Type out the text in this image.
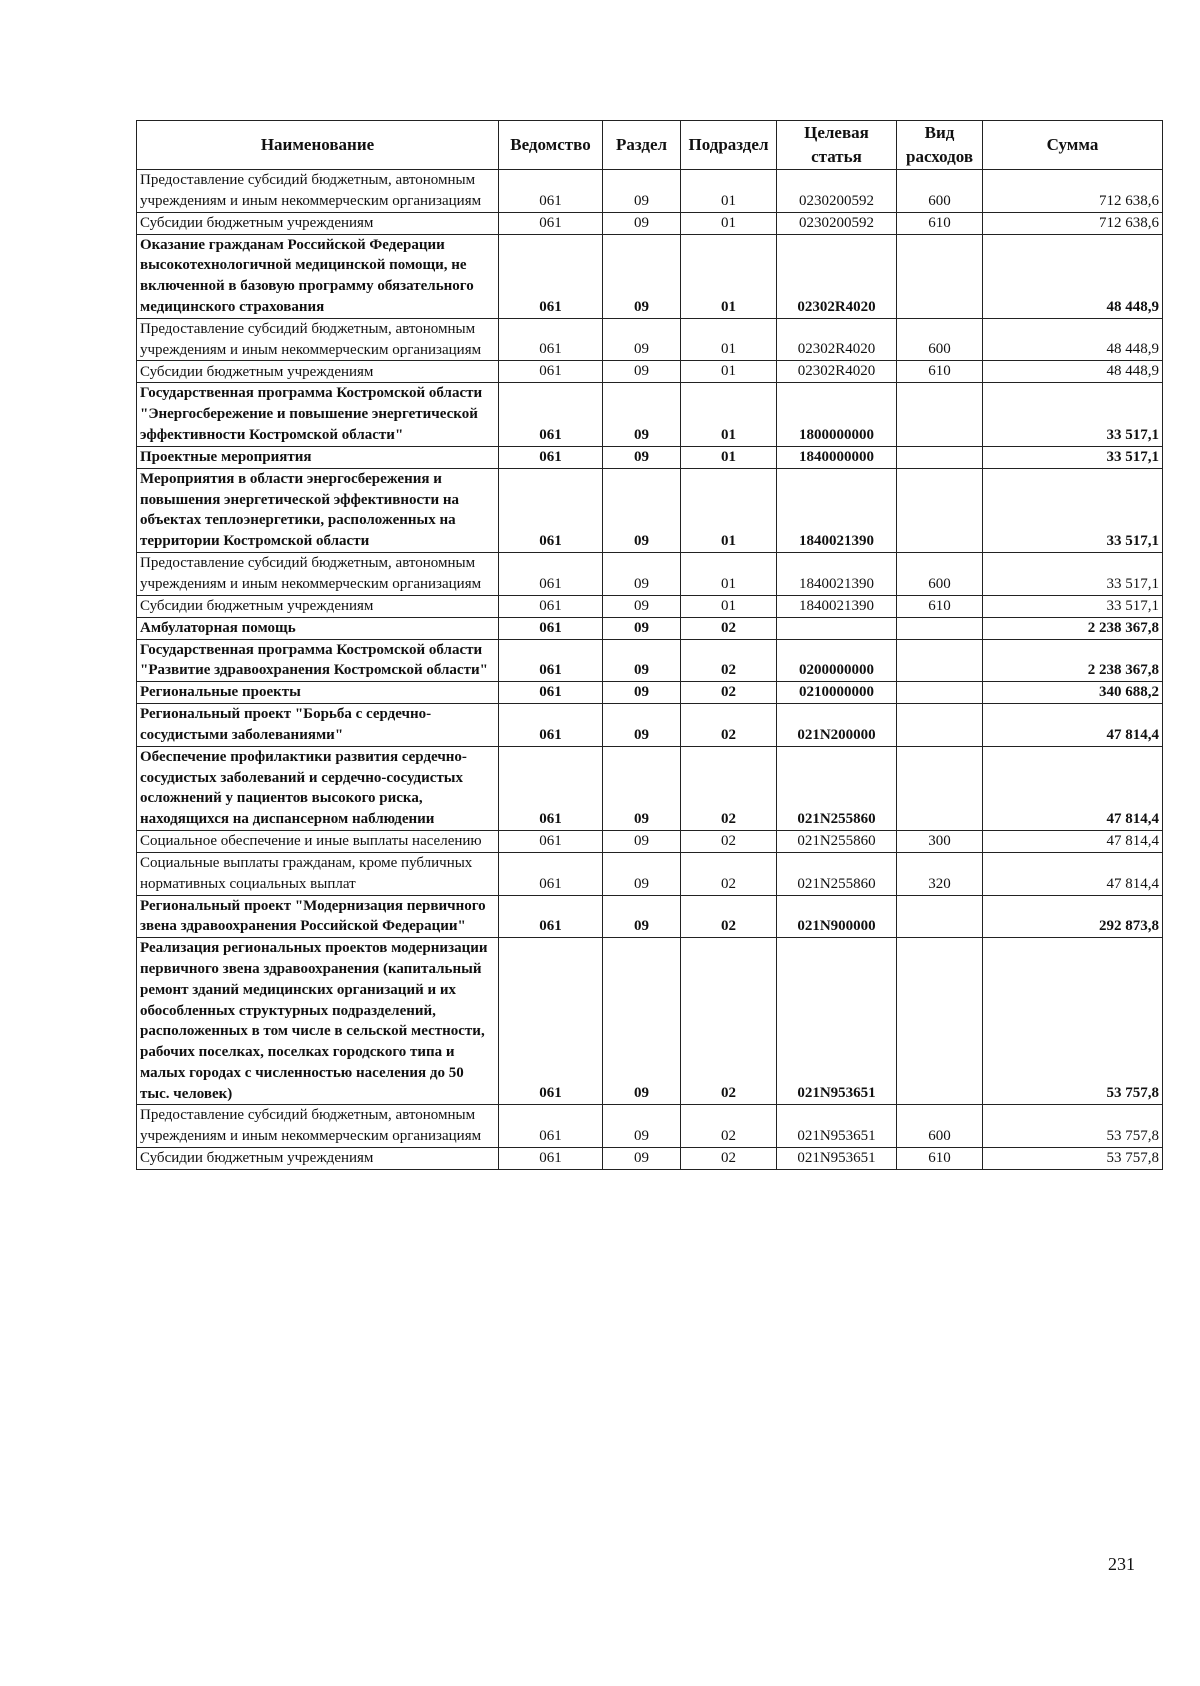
Наименование	Ведомство	Раздел	Подраздел	Целевая статья	Вид расходов	Сумма
Предоставление субсидий бюджетным, автономным учреждениям и иным некоммерческим организациям	061	09	01	0230200592	600	712 638,6
Субсидии бюджетным учреждениям	061	09	01	0230200592	610	712 638,6
Оказание гражданам Российской Федерации высокотехнологичной медицинской помощи, не включенной в базовую программу обязательного медицинского страхования	061	09	01	02302R4020		48 448,9
Предоставление субсидий бюджетным, автономным учреждениям и иным некоммерческим организациям	061	09	01	02302R4020	600	48 448,9
Субсидии бюджетным учреждениям	061	09	01	02302R4020	610	48 448,9
Государственная программа Костромской области "Энергосбережение и повышение энергетической эффективности Костромской области"	061	09	01	1800000000		33 517,1
Проектные мероприятия	061	09	01	1840000000		33 517,1
Мероприятия в области энергосбережения и повышения энергетической эффективности на объектах теплоэнергетики, расположенных на территории Костромской области	061	09	01	1840021390		33 517,1
Предоставление субсидий бюджетным, автономным учреждениям и иным некоммерческим организациям	061	09	01	1840021390	600	33 517,1
Субсидии бюджетным учреждениям	061	09	01	1840021390	610	33 517,1
Амбулаторная помощь	061	09	02			2 238 367,8
Государственная программа Костромской области "Развитие здравоохранения Костромской области"	061	09	02	0200000000		2 238 367,8
Региональные проекты	061	09	02	0210000000		340 688,2
Региональный проект "Борьба с сердечно-сосудистыми заболеваниями"	061	09	02	021N200000		47 814,4
Обеспечение профилактики развития сердечно-сосудистых заболеваний и сердечно-сосудистых осложнений у пациентов высокого риска, находящихся на диспансерном наблюдении	061	09	02	021N255860		47 814,4
Социальное обеспечение и иные выплаты населению	061	09	02	021N255860	300	47 814,4
Социальные выплаты гражданам, кроме публичных нормативных социальных выплат	061	09	02	021N255860	320	47 814,4
Региональный проект "Модернизация первичного звена здравоохранения Российской Федерации"	061	09	02	021N900000		292 873,8
Реализация региональных проектов модернизации первичного звена здравоохранения (капитальный ремонт зданий медицинских организаций и их обособленных структурных подразделений, расположенных в том числе в сельской местности, рабочих поселках, поселках городского типа и малых городах с численностью населения до 50 тыс. человек)	061	09	02	021N953651		53 757,8
Предоставление субсидий бюджетным, автономным учреждениям и иным некоммерческим организациям	061	09	02	021N953651	600	53 757,8
Субсидии бюджетным учреждениям	061	09	02	021N953651	610	53 757,8
231
